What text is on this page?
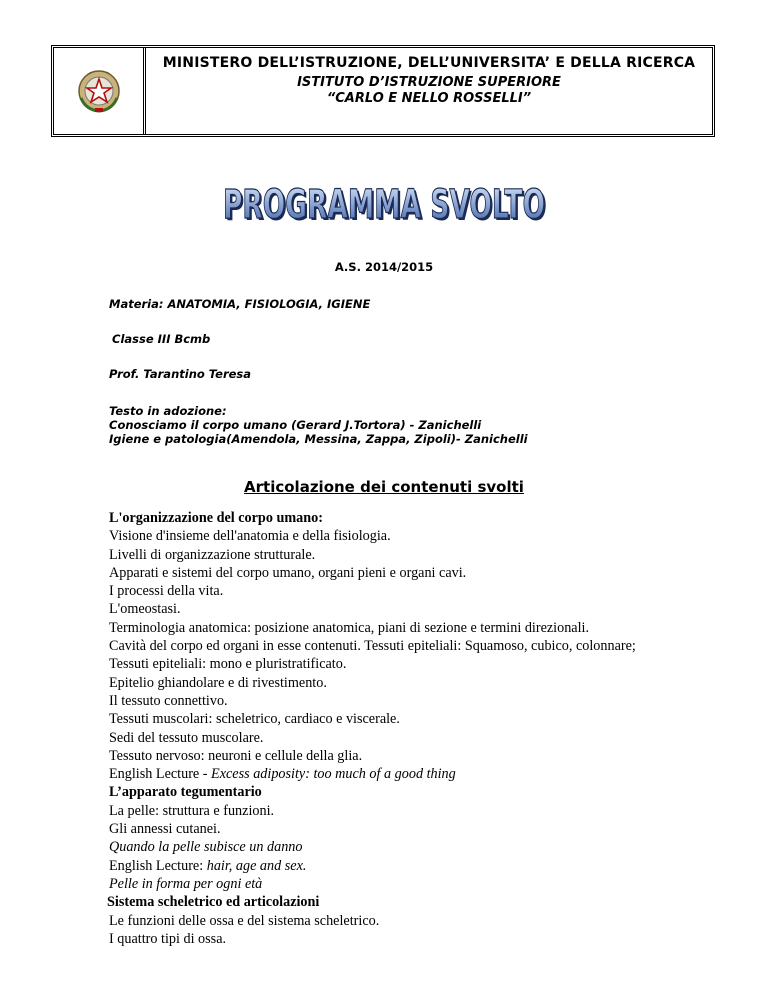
MINISTERO DELL’ISTRUZIONE, DELL’UNIVERSITA’ E DELLA RICERCA
ISTITUTO D’ISTRUZIONE SUPERIORE
“CARLO E NELLO ROSSELLI”
PROGRAMMA SVOLTO
PROGRAMMA SVOLTO
A.S. 2014/2015
Materia: ANATOMIA, FISIOLOGIA, IGIENE
Classe III Bcmb
Prof. Tarantino Teresa
Testo in adozione:
Conosciamo il corpo umano (Gerard J.Tortora) - Zanichelli
Igiene e patologia(Amendola, Messina, Zappa, Zipoli)- Zanichelli
Articolazione dei contenuti svolti
L'organizzazione del corpo umano:
Visione d'insieme dell'anatomia e della fisiologia.
Livelli di organizzazione strutturale.
Apparati e sistemi del corpo umano, organi pieni e organi cavi.
I processi della vita.
L'omeostasi.
Terminologia anatomica: posizione anatomica, piani di sezione e termini direzionali.
Cavità del corpo ed organi in esse contenuti. Tessuti epiteliali: Squamoso, cubico, colonnare;
Tessuti epiteliali: mono e pluristratificato.
Epitelio ghiandolare e di rivestimento.
Il tessuto connettivo.
Tessuti muscolari: scheletrico, cardiaco e viscerale.
Sedi del tessuto muscolare.
Tessuto nervoso: neuroni e cellule della glia.
English Lecture - Excess adiposity: too much of a good thing
L’apparato tegumentario
La pelle: struttura e funzioni.
Gli annessi cutanei.
Quando la pelle subisce un danno
English Lecture: hair, age and sex.
Pelle in forma per ogni età
Sistema scheletrico ed articolazioni
Le funzioni delle ossa e del sistema scheletrico.
I quattro tipi di ossa.
